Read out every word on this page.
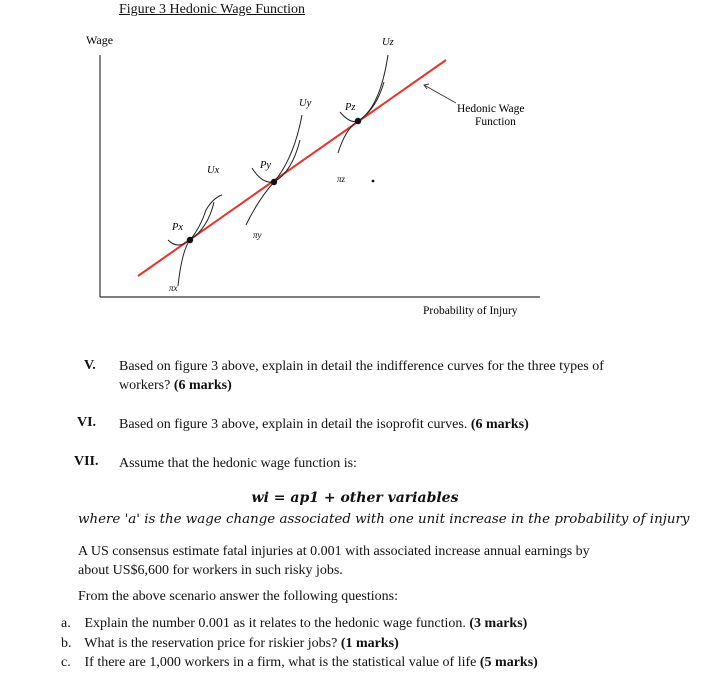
Figure 3 Hedonic Wage Function
Wage
Probability of Injury
Ux
Uy
Uz
Px
Py
Pz
πx
πy
πz
Hedonic Wage
Function
V. Based on figure 3 above, explain in detail the indifference curves for the three types of workers? (6 marks)
VI. Based on figure 3 above, explain in detail the isoprofit curves. (6 marks)
VII. Assume that the hedonic wage function is:
wi = ap1 + other variables
where 'a' is the wage change associated with one unit increase in the probability of injury
A US consensus estimate fatal injuries at 0.001 with associated increase annual earnings by
about US$6,600 for workers in such risky jobs.
From the above scenario answer the following questions:
a. Explain the number 0.001 as it relates to the hedonic wage function. (3 marks)
b. What is the reservation price for riskier jobs? (1 marks)
c. If there are 1,000 workers in a firm, what is the statistical value of life (5 marks)
